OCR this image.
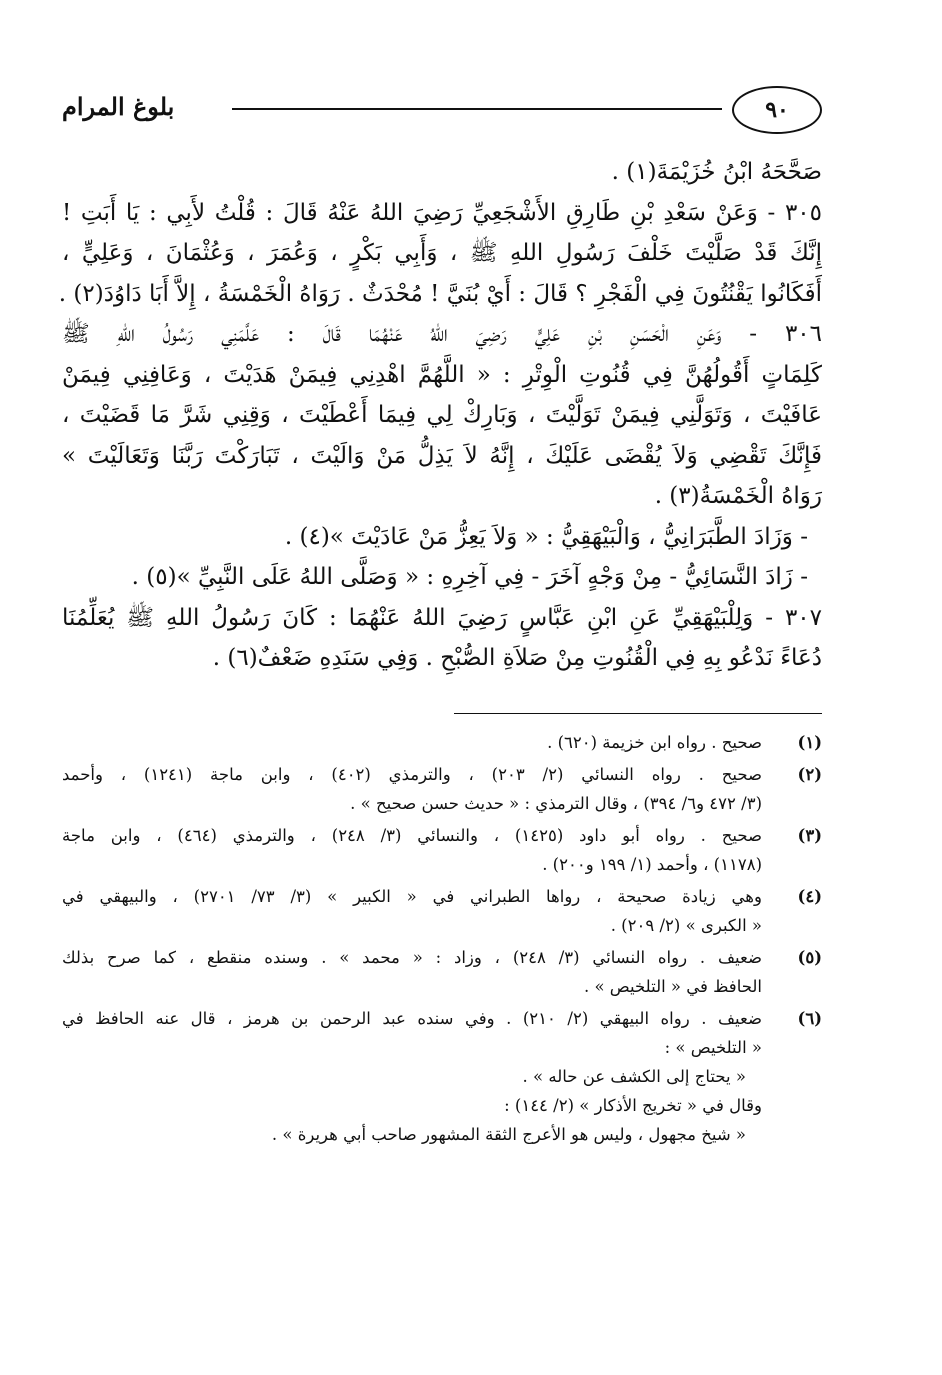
٩٠
بلوغ المرام
صَحَّحَهُ ابْنُ خُزَيْمَةَ(١) .
٣٠٥ - وَعَنْ سَعْدِ بْنِ طَارِقِ الأَشْجَعِيِّ رَضِيَ اللهُ عَنْهُ قَالَ : قُلْتُ لأَبِي : يَا أَبَتِ !
إِنَّكَ قَدْ صَلَّيْتَ خَلْفَ رَسُولِ اللهِ ﷺ ، وَأَبِي بَكْرٍ ، وَعُمَرَ ، وَعُثْمَانَ ، وَعَلِيٍّ ،
أَفَكَانُوا يَقْنُتُونَ فِي الْفَجْرِ ؟ قَالَ : أَيْ بُنَيَّ ! مُحْدَثٌ . رَوَاهُ الْخَمْسَةُ ، إِلاَّ أَبَا دَاوُدَ(٢) .
٣٠٦ - وَعَنِ الْحَسَنِ بْنِ عَلِيٍّ رَضِيَ اللهُ عَنْهُمَا قَالَ : عَلَّمَنِي رَسُولُ اللهِ ﷺ
كَلِمَاتٍ أَقُولُهُنَّ فِي قُنُوتِ الْوِتْرِ : « اللَّهُمَّ اهْدِنِي فِيمَنْ هَدَيْتَ ، وَعَافِنِي فِيمَنْ
عَافَيْتَ ، وَتَوَلَّنِي فِيمَنْ تَوَلَّيْتَ ، وَبَارِكْ لِي فِيمَا أَعْطَيْتَ ، وَقِنِي شَرَّ مَا قَضَيْتَ ،
فَإِنَّكَ تَقْضِي وَلاَ يُقْضَى عَلَيْكَ ، إِنَّهُ لاَ يَذِلُّ مَنْ وَالَيْتَ ، تَبَارَكْتَ رَبَّنَا وَتَعَالَيْتَ »
رَوَاهُ الْخَمْسَةُ(٣) .
- وَزَادَ الطَّبَرَانِيُّ ، وَالْبَيْهَقِيُّ : « وَلاَ يَعِزُّ مَنْ عَادَيْتَ »(٤) .
- زَادَ النَّسَائِيُّ - مِنْ وَجْهٍ آخَرَ - فِي آخِرِهِ : « وَصَلَّى اللهُ عَلَى النَّبِيِّ »(٥) .
٣٠٧ - وَلِلْبَيْهَقِيِّ عَنِ ابْنِ عَبَّاسٍ رَضِيَ اللهُ عَنْهُمَا : كَانَ رَسُولُ اللهِ ﷺ يُعَلِّمُنَا
دُعَاءً نَدْعُو بِهِ فِي الْقُنُوتِ مِنْ صَلاَةِ الصُّبْحِ . وَفِي سَنَدِهِ ضَعْفٌ(٦) .
(١)
صحيح . رواه ابن خزيمة (٦٢٠) .
(٢)
صحيح . رواه النسائي (٢/ ٢٠٣) ، والترمذي (٤٠٢) ، وابن ماجة (١٢٤١) ، وأحمد
(٣/ ٤٧٢ و٦/ ٣٩٤) ، وقال الترمذي : « حديث حسن صحيح » .
(٣)
صحيح . رواه أبو داود (١٤٢٥) ، والنسائي (٣/ ٢٤٨) ، والترمذي (٤٦٤) ، وابن ماجة
(١١٧٨) ، وأحمد (١/ ١٩٩ و٢٠٠) .
(٤)
وهي زيادة صحيحة ، رواها الطبراني في « الكبير » (٣/ ٧٣/ ٢٧٠١) ، والبيهقي في
« الكبرى » (٢/ ٢٠٩) .
(٥)
ضعيف . رواه النسائي (٣/ ٢٤٨) ، وزاد : « محمد » . وسنده منقطع ، كما صرح بذلك
الحافظ في « التلخيص » .
(٦)
ضعيف . رواه البيهقي (٢/ ٢١٠) . وفي سنده عبد الرحمن بن هرمز ، قال عنه الحافظ في
« التلخيص » :
« يحتاج إلى الكشف عن حاله » .
وقال في « تخريج الأذكار » (٢/ ١٤٤) :
« شيخ مجهول ، وليس هو الأعرج الثقة المشهور صاحب أبي هريرة » .
